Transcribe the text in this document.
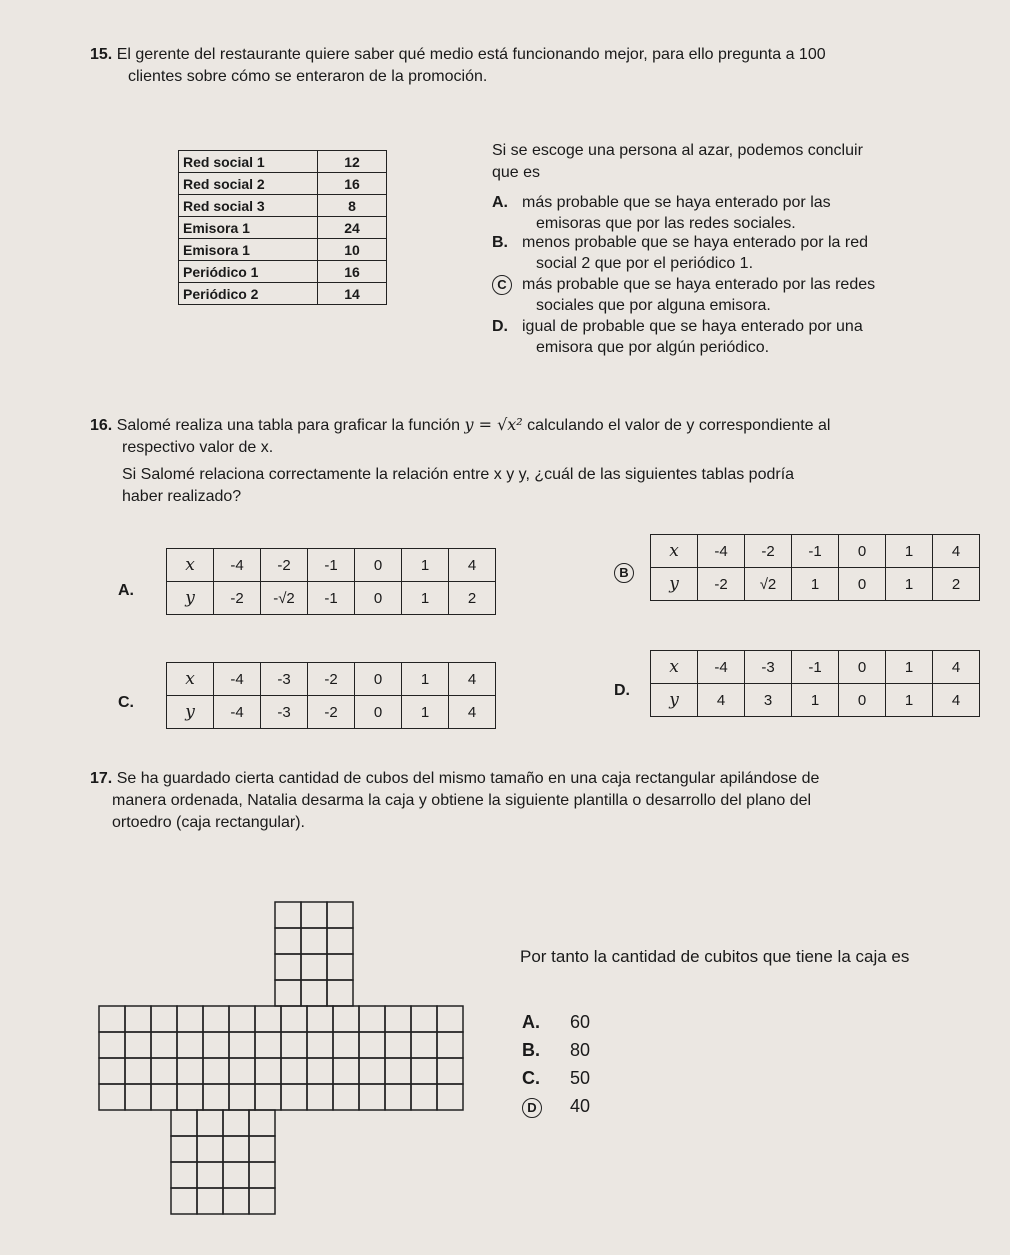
15. El gerente del restaurante quiere saber qué medio está funcionando mejor, para ello pregunta a 100
clientes sobre cómo se enteraron de la promoción.
Red social 1	12
Red social 2	16
Red social 3	8
Emisora 1	24
Emisora 1	10
Periódico 1	16
Periódico 2	14
Si se escoge una persona al azar, podemos concluir
que es
A. más probable que se haya enterado por las
emisoras que por las redes sociales.
B. menos probable que se haya enterado por la red
social 2 que por el periódico 1.
C más probable que se haya enterado por las redes
sociales que por alguna emisora.
D. igual de probable que se haya enterado por una
emisora que por algún periódico.
16. Salomé realiza una tabla para graficar la función y = √x² calculando el valor de y correspondiente al
respectivo valor de x.
Si Salomé relaciona correctamente la relación entre x y y, ¿cuál de las siguientes tablas podría
haber realizado?
A.
x	-4	-2	-1	0	1	4
y	-2	-√2	-1	0	1	2
B
x	-4	-2	-1	0	1	4
y	-2	√2	1	0	1	2
C.
x	-4	-3	-2	0	1	4
y	-4	-3	-2	0	1	4
D.
x	-4	-3	-1	0	1	4
y	4	3	1	0	1	4
17. Se ha guardado cierta cantidad de cubos del mismo tamaño en una caja rectangular apilándose de
manera ordenada, Natalia desarma la caja y obtiene la siguiente plantilla o desarrollo del plano del
ortoedro (caja rectangular).
Por tanto la cantidad de cubitos que tiene la caja es
A. 60
B. 80
C. 50
D 40
